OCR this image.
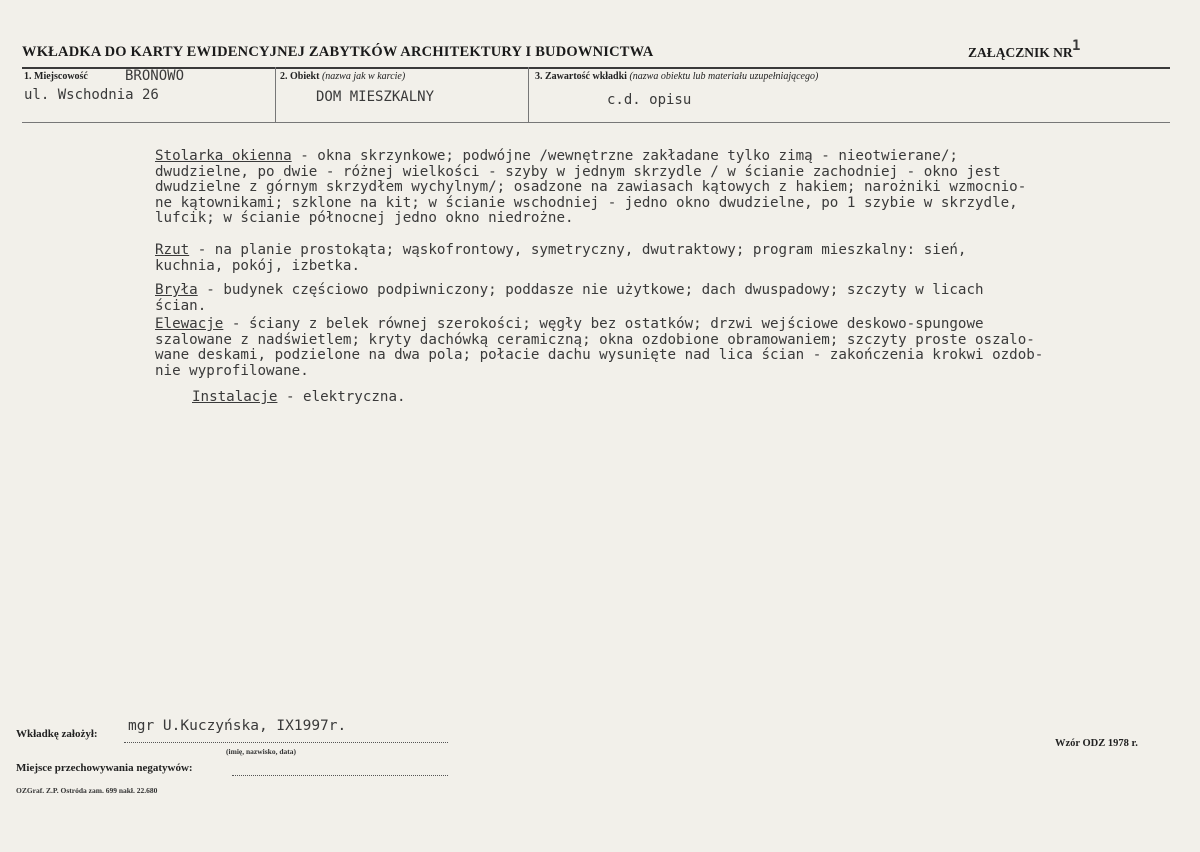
WKŁADKA DO KARTY EWIDENCYJNEJ ZABYTKÓW ARCHITEKTURY I BUDOWNICTWA	ZAŁĄCZNIK NR 1
1. Miejscowość	BRONOWO
ul. Wschodnia 26
2. Obiekt (nazwa jak w karcie)
DOM MIESZKALNY
3. Zawartość wkładki (nazwa obiektu lub materiału uzupełniającego)
c.d. opisu

Stolarka okienna - okna skrzynkowe; podwójne /wewnętrzne zakładane tylko zimą - nieotwierane/;
dwudzielne, po dwie - różnej wielkości - szyby w jednym skrzydle / w ścianie zachodniej - okno jest
dwudzielne z górnym skrzydłem wychylnym/; osadzone na zawiasach kątowych z hakiem; narożniki wzmocnio-
ne kątownikami; szklone na kit; w ścianie wschodniej - jedno okno dwudzielne, po 1 szybie w skrzydle,
lufcik; w ścianie północnej jedno okno niedrożne.

Rzut - na planie prostokąta; wąskofrontowy, symetryczny, dwutraktowy; program mieszkalny: sień,
kuchnia, pokój, izbetka.

Bryła - budynek częściowo podpiwniczony; poddasze nie użytkowe; dach dwuspadowy; szczyty w licach
ścian.

Elewacje - ściany z belek równej szerokości; węgły bez ostatków; drzwi wejściowe deskowo-spungowe
szalowane z nadświetlem; kryty dachówką ceramiczną; okna ozdobione obramowaniem; szczyty proste oszalo-
wane deskami, podzielone na dwa pola; połacie dachu wysunięte nad lica ścian - zakończenia krokwi ozdob-
nie wyprofilowane.

Instalacje - elektryczna.

Wkładkę założył: mgr U.Kuczyńska, IX1997r.
(imię, nazwisko, data)
Miejsce przechowywania negatywów:
OZGraf. Z.P. Ostróda zam. 699 nakł. 22.680
Wzór ODZ 1978 r.
